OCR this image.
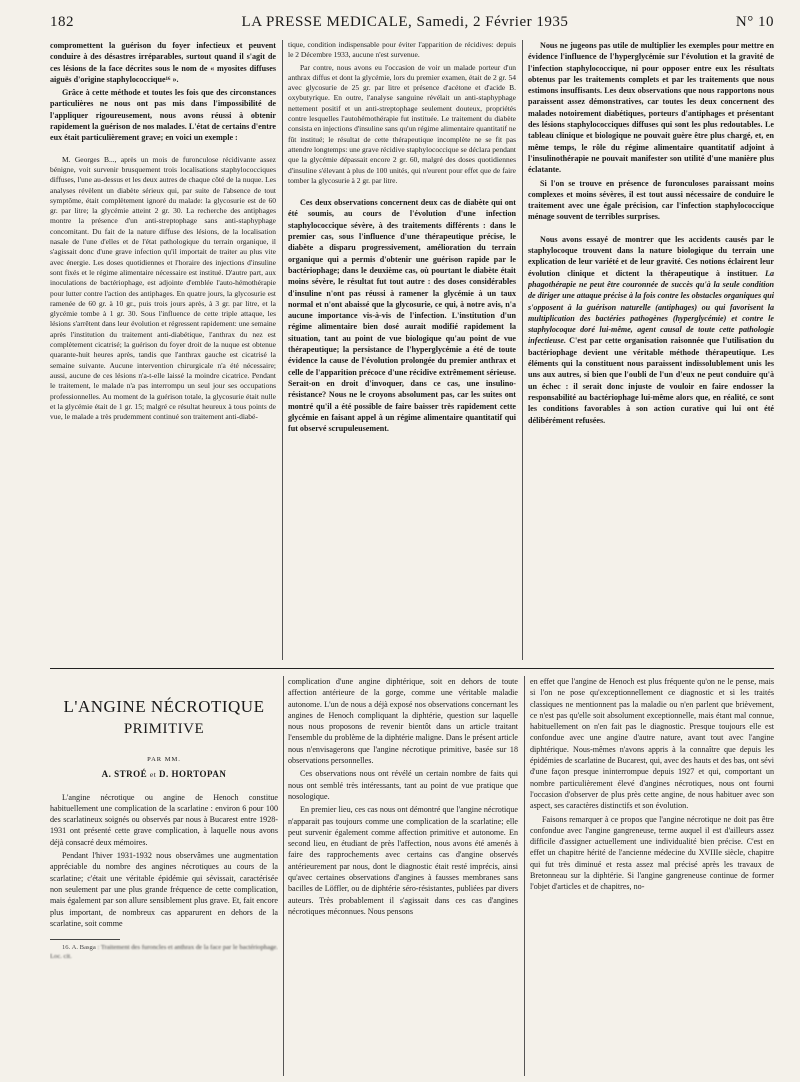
182	LA PRESSE MEDICALE, Samedi, 2 Février 1935	N° 10

compromettent la guérison du foyer infectieux et peuvent conduire à des désastres irréparables, surtout quand il s'agit de ces lésions de la face décrites sous le nom de « myosites diffuses aiguës d'origine staphylococcique¹⁶ ».

Grâce à cette méthode et toutes les fois que des circonstances particulières ne nous ont pas mis dans l'impossibilité de l'appliquer rigoureusement, nous avons réussi à obtenir rapidement la guérison de nos malades. L'état de certains d'entre eux était particulièrement grave; en voici un exemple :

M. Georges B..., après un mois de furonculose récidivante assez bénigne, voit survenir brusquement trois localisations staphylococciques diffuses, l'une au-dessus et les deux autres de chaque côté de la nuque. Les analyses révèlent un diabète sérieux qui, par suite de l'absence de tout symptôme, était complètement ignoré du malade: la glycosurie est de 60 gr. par litre; la glycémie atteint 2 gr. 30. La recherche des antiphages montre la présence d'un anti-streptophage sans anti-staphyphage concomitant. Du fait de la nature diffuse des lésions, de la localisation nasale de l'une d'elles et de l'état pathologique du terrain organique, il s'agissait donc d'une grave infection qu'il importait de traiter au plus vite avec énergie. Les doses quotidiennes et l'horaire des injections d'insuline sont fixés et le régime alimentaire nécessaire est institué. D'autre part, aux inoculations de bactériophage, est adjointe d'emblée l'auto-hémothérapie pour lutter contre l'action des antiphages. En quatre jours, la glycosurie est ramenée de 60 gr. à 10 gr., puis trois jours après, à 3 gr. par litre, et la glycémie tombe à 1 gr. 30. Sous l'influence de cette triple attaque, les lésions s'arrêtent dans leur évolution et régressent rapidement: une semaine après l'institution du traitement anti-diabétique, l'anthrax du nez est complètement cicatrisé; la guérison du foyer droit de la nuque est obtenue quarante-huit heures après, tandis que l'anthrax gauche est cicatrisé la semaine suivante. Aucune intervention chirurgicale n'a été nécessaire; aussi, aucune de ces lésions n'a-t-elle laissé la moindre cicatrice. Pendant le traitement, le malade n'a pas interrompu un seul jour ses occupations professionnelles. Au moment de la guérison totale, la glycosurie était nulle et la glycémie était de 1 gr. 15; malgré ce résultat heureux à tous points de vue, le malade a très prudemment continué son traitement anti-diabé-

tique, condition indispensable pour éviter l'apparition de récidives: depuis le 2 Décembre 1933, aucune n'est survenue.

Par contre, nous avons eu l'occasion de voir un malade porteur d'un anthrax diffus et dont la glycémie, lors du premier examen, était de 2 gr. 54 avec glycosurie de 25 gr. par litre et présence d'acétone et d'acide B. oxybutyrique. En outre, l'analyse sanguine révélait un anti-staphyphage nettement positif et un anti-streptophage seulement douteux, propriétés contre lesquelles l'autohémothérapie fut instituée. Le traitement du diabète consista en injections d'insuline sans qu'un régime alimentaire quantitatif ne fût institué; le résultat de cette thérapeutique incomplète ne se fit pas attendre longtemps: une grave récidive staphylococcique se déclara pendant que la glycémie dépassait encore 2 gr. 60, malgré des doses quotidiennes d'insuline s'élevant à plus de 100 unités, qui n'eurent pour effet que de faire tomber la glycosurie à 2 gr. par litre.

Ces deux observations concernent deux cas de diabète qui ont été soumis, au cours de l'évolution d'une infection staphylococcique sévère, à des traitements différents : dans le premier cas, sous l'influence d'une thérapeutique précise, le diabète a disparu progressivement, amélioration du terrain organique qui a permis d'obtenir une guérison rapide par le bactériophage; dans le deuxième cas, où pourtant le diabète était moins sévère, le résultat fut tout autre : des doses considérables d'insuline n'ont pas réussi à ramener la glycémie à un taux normal et n'ont abaissé que la glycosurie, ce qui, à notre avis, n'a aucune importance vis-à-vis de l'infection. L'institution d'un régime alimentaire bien dosé aurait modifié rapidement la situation, tant au point de vue biologique qu'au point de vue thérapeutique; la persistance de l'hyperglycémie a été de toute évidence la cause de l'évolution prolongée du premier anthrax et celle de l'apparition précoce d'une récidive extrêmement sérieuse. Serait-on en droit d'invoquer, dans ce cas, une insulino-résistance? Nous ne le croyons absolument pas, car les suites ont montré qu'il a été possible de faire baisser très rapidement cette glycémie en faisant appel à un régime alimentaire quantitatif qui fut observé scrupuleusement.

Nous ne jugeons pas utile de multiplier les exemples pour mettre en évidence l'influence de l'hyperglycémie sur l'évolution et la gravité de l'infection staphylococcique, ni pour opposer entre eux les résultats obtenus par les traitements complets et par les traitements que nous estimons insuffisants. Les deux observations que nous rapportons nous paraissent assez démonstratives, car toutes les deux concernent des malades notoirement diabétiques, porteurs d'antiphages et présentant des lésions staphylococciques diffuses qui sont les plus redoutables. Le tableau clinique et biologique ne pouvait guère être plus chargé, et, en même temps, le rôle du régime alimentaire quantitatif adjoint à l'insulinothérapie ne pouvait manifester son utilité d'une manière plus éclatante.

Si l'on se trouve en présence de furonculoses paraissant moins complexes et moins sévères, il est tout aussi nécessaire de conduire le traitement avec une égale précision, car l'infection staphylococcique ménage souvent de terribles surprises.

Nous avons essayé de montrer que les accidents causés par le staphylocoque trouvent dans la nature biologique du terrain une explication de leur variété et de leur gravité. Ces notions éclairent leur évolution clinique et dictent la thérapeutique à instituer. La phagothérapie ne peut être couronnée de succès qu'à la seule condition de diriger une attaque précise à la fois contre les obstacles organiques qui s'opposent à la guérison naturelle (antiphages) ou qui favorisent la multiplication des bactéries pathogènes (hyperglycémie) et contre le staphylocoque doré lui-même, agent causal de toute cette pathologie infectieuse. C'est par cette organisation raisonnée que l'utilisation du bactériophage devient une véritable méthode thérapeutique. Les éléments qui la constituent nous paraissent indissolublement unis les uns aux autres, si bien que l'oubli de l'un d'eux ne peut conduire qu'à un échec : il serait donc injuste de vouloir en faire endosser la responsabilité au bactériophage lui-même alors que, en réalité, ce sont les conditions favorables à son action curative qui lui ont été délibérément refusées.

L'ANGINE NÉCROTIQUE
PRIMITIVE
PAR MM.
A. STROÉ et D. HORTOPAN

L'angine nécrotique ou angine de Henoch constitue habituellement une complication de la scarlatine : environ 6 pour 100 des scarlatineux soignés ou observés par nous à Bucarest entre 1928-1931 ont présenté cette grave complication, à laquelle nous avons déjà consacré deux mémoires.

Pendant l'hiver 1931-1932 nous observâmes une augmentation appréciable du nombre des angines nécrotiques au cours de la scarlatine; c'était une véritable épidémie qui sévissait, caractérisée non seulement par une plus grande fréquence de cette complication, mais également par son allure sensiblement plus grave. Et, fait encore plus important, de nombreux cas apparurent en dehors de la scarlatine, soit comme

16. A. Basga : Traitement des furoncles et anthrax de la face par le bactériophage. Loc. cit.

complication d'une angine diphtérique, soit en dehors de toute affection antérieure de la gorge, comme une véritable maladie autonome. L'un de nous a déjà exposé nos observations concernant les angines de Henoch compliquant la diphtérie, question sur laquelle nous nous proposons de revenir bientôt dans un article traitant l'ensemble du problème de la diphtérie maligne. Dans le présent article nous n'envisagerons que l'angine nécrotique primitive, basée sur 18 observations personnelles.

Ces observations nous ont révélé un certain nombre de faits qui nous ont semblé très intéressants, tant au point de vue pratique que nosologique.

En premier lieu, ces cas nous ont démontré que l'angine nécrotique n'apparait pas toujours comme une complication de la scarlatine; elle peut survenir également comme affection primitive et autonome. En second lieu, en étudiant de près l'affection, nous avons été amenés à faire des rapprochements avec certains cas d'angine observés antérieurement par nous, dont le diagnostic était resté imprécis, ainsi qu'avec certaines observations d'angines à fausses membranes sans bacilles de Löffler, ou de diphtérie séro-résistantes, publiées par divers auteurs. Très probablement il s'agissait dans ces cas d'angines nécrotiques méconnues. Nous pensons

en effet que l'angine de Henoch est plus fréquente qu'on ne le pense, mais si l'on ne pose qu'exceptionnellement ce diagnostic et si les traités classiques ne mentionnent pas la maladie ou n'en parlent que brièvement, ce n'est pas qu'elle soit absolument exceptionnelle, mais étant mal connue, habituellement on n'en fait pas le diagnostic. Presque toujours elle est confondue avec une angine d'autre nature, avant tout avec l'angine diphtérique. Nous-mêmes n'avons appris à la connaître que depuis les épidémies de scarlatine de Bucarest, qui, avec des hauts et des bas, ont sévi d'une façon presque ininterrompue depuis 1927 et qui, comportant un nombre particulièrement élevé d'angines nécrotiques, nous ont fourni l'occasion d'observer de plus près cette angine, de nous habituer avec son aspect, ses caractères distinctifs et son évolution.

Faisons remarquer à ce propos que l'angine nécrotique ne doit pas être confondue avec l'angine gangreneuse, terme auquel il est d'ailleurs assez difficile d'assigner actuellement une individualité bien précise. C'est en effet un chapitre hérité de l'ancienne médecine du XVIIIe siècle, chapitre qui fut très diminué et resta assez mal précisé après les travaux de Bretonneau sur la diphtérie. Si l'angine gangreneuse continue de former l'objet d'articles et de chapitres, no-
